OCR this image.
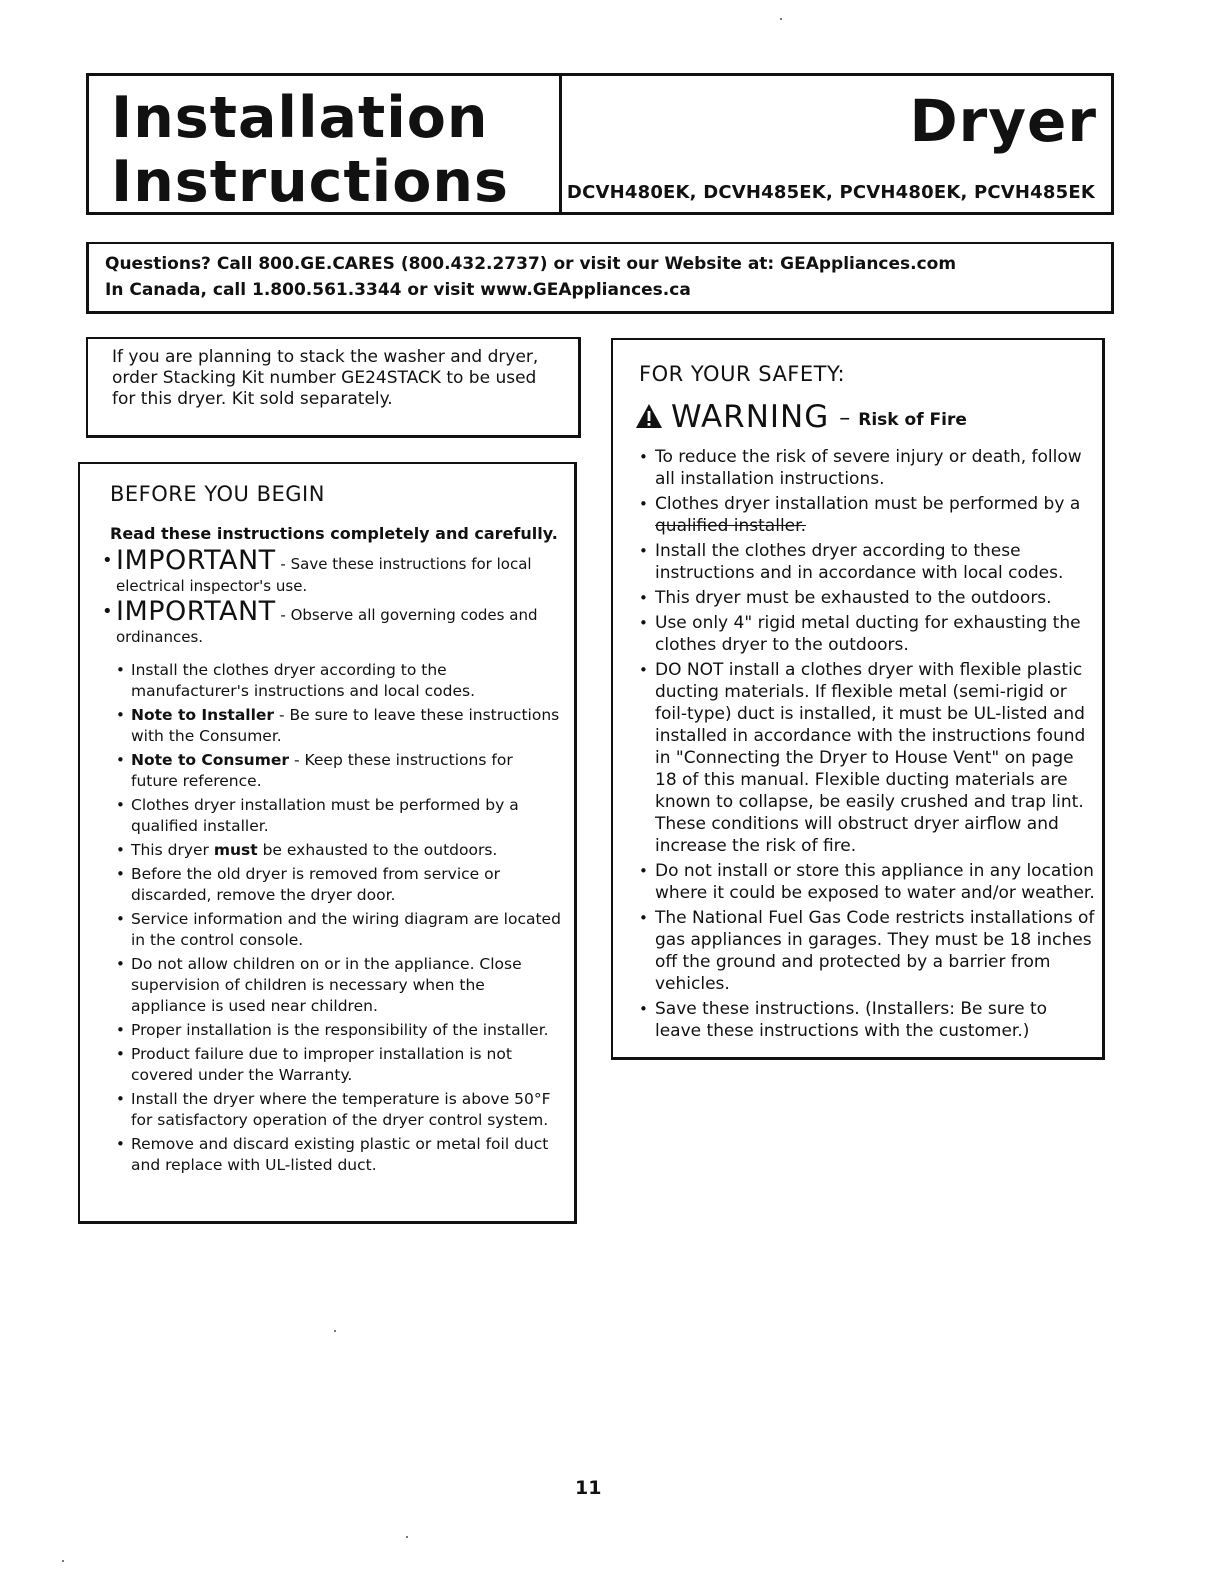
Installation
Instructions
Dryer
DCVH480EK, DCVH485EK, PCVH480EK, PCVH485EK

Questions? Call 800.GE.CARES (800.432.2737) or visit our Website at: GEAppliances.com

In Canada, call 1.800.561.3344 or visit www.GEAppliances.ca

If you are planning to stack the washer and dryer, order Stacking Kit number GE24STACK to be used for this dryer. Kit sold separately.

BEFORE YOU BEGIN
Read these instructions completely and carefully.
• IMPORTANT - Save these instructions for local
electrical inspector's use.
• IMPORTANT - Observe all governing codes and
ordinances.
• Install the clothes dryer according to the manufacturer's instructions and local codes.
• Note to Installer - Be sure to leave these instructions with the Consumer.
• Note to Consumer - Keep these instructions for future reference.
• Clothes dryer installation must be performed by a qualified installer.
• This dryer must be exhausted to the outdoors.
• Before the old dryer is removed from service or discarded, remove the dryer door.
• Service information and the wiring diagram are located in the control console.
• Do not allow children on or in the appliance. Close supervision of children is necessary when the appliance is used near children.
• Proper installation is the responsibility of the installer.
• Product failure due to improper installation is not covered under the Warranty.
• Install the dryer where the temperature is above 50°F for satisfactory operation of the dryer control system.
• Remove and discard existing plastic or metal foil duct and replace with UL-listed duct.
FOR YOUR SAFETY:
WARNING – Risk of Fire
• To reduce the risk of severe injury or death, follow all installation instructions.
• Clothes dryer installation must be performed by a qualified installer.
• Install the clothes dryer according to these instructions and in accordance with local codes.
• This dryer must be exhausted to the outdoors.
• Use only 4" rigid metal ducting for exhausting the clothes dryer to the outdoors.
• DO NOT install a clothes dryer with flexible plastic ducting materials. If flexible metal (semi-rigid or foil-type) duct is installed, it must be UL-listed and installed in accordance with the instructions found in "Connecting the Dryer to House Vent" on page 18 of this manual. Flexible ducting materials are known to collapse, be easily crushed and trap lint. These conditions will obstruct dryer airflow and increase the risk of fire.
• Do not install or store this appliance in any location where it could be exposed to water and/or weather.
• The National Fuel Gas Code restricts installations of gas appliances in garages. They must be 18 inches off the ground and protected by a barrier from vehicles.
• Save these instructions. (Installers: Be sure to leave these instructions with the customer.)
11
